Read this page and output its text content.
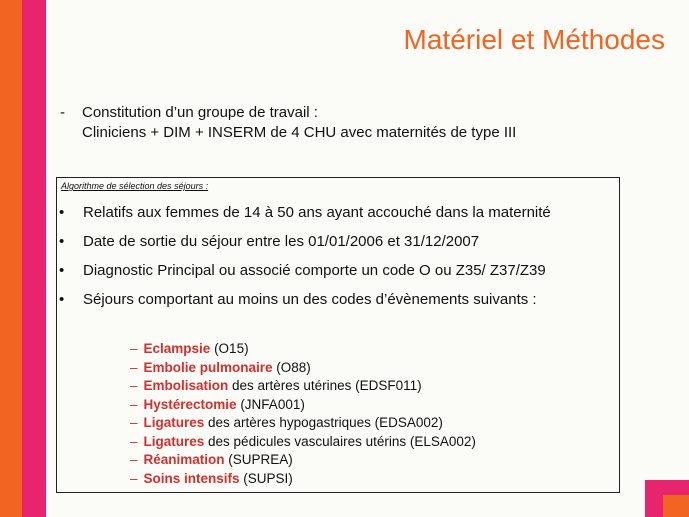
Matériel et Méthodes
- Constitution d’un groupe de travail :
Cliniciens + DIM + INSERM de 4 CHU avec maternités de type III
Algorithme de sélection des séjours :
• Relatifs aux femmes de 14 à 50 ans ayant accouché dans la maternité
• Date de sortie du séjour entre les 01/01/2006 et 31/12/2007
• Diagnostic Principal ou associé comporte un code O ou Z35/ Z37/Z39
• Séjours comportant au moins un des codes d’évènements suivants :
– Eclampsie (O15)
– Embolie pulmonaire (O88)
– Embolisation des artères utérines (EDSF011)
– Hystérectomie (JNFA001)
– Ligatures des artères hypogastriques (EDSA002)
– Ligatures des pédicules vasculaires utérins (ELSA002)
– Réanimation (SUPREA)
– Soins intensifs (SUPSI)
